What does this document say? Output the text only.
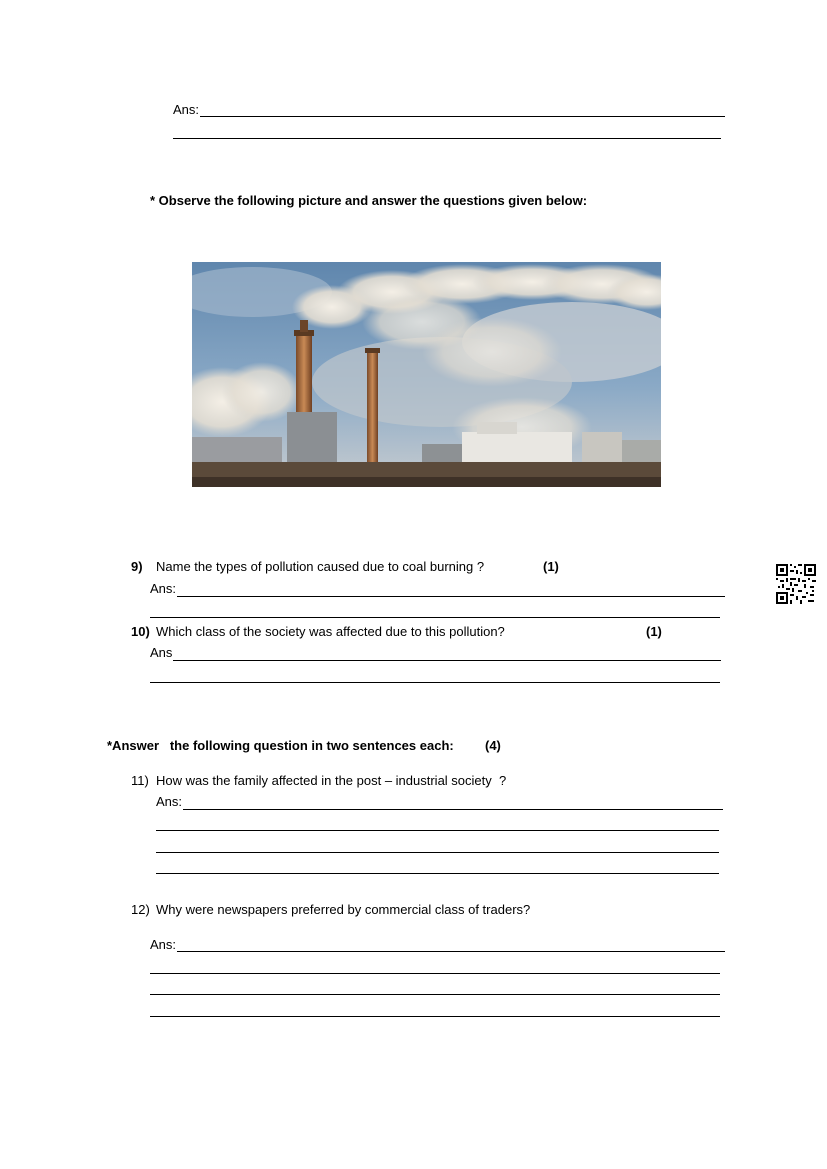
Ans:
* Observe the following picture and answer the questions given below:
9) Name the types of pollution caused due to coal burning ?	(1)
Ans:
10) Which class of the society was affected due to this pollution?	(1)
Ans
*Answer   the following question in two sentences each: (4)
11) How was the family affected in the post – industrial society  ?
Ans:
12) Why were newspapers preferred by commercial class of traders?
Ans:
